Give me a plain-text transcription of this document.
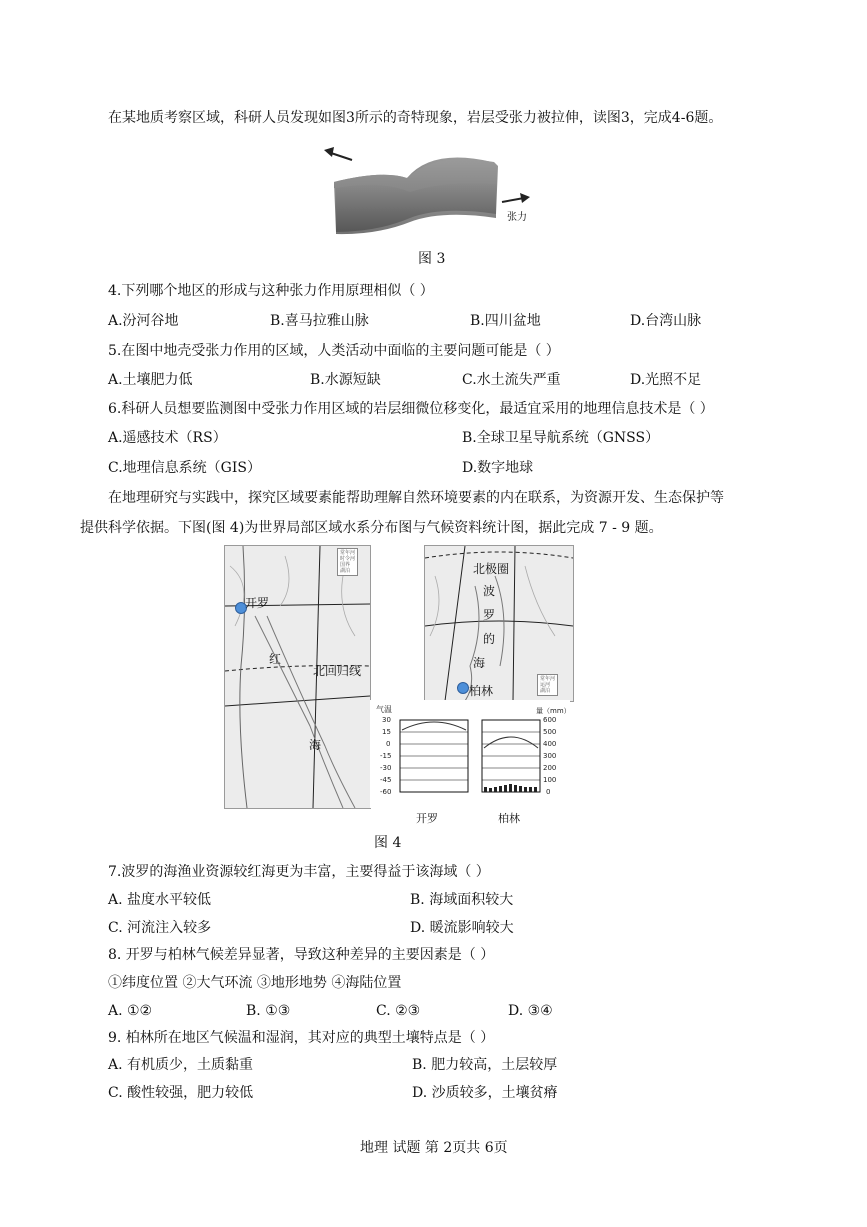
在某地质考察区域，科研人员发现如图3所示的奇特现象，岩层受张力被拉伸，读图3，完成4-6题。
张力
图 3
4.下列哪个地区的形成与这种张力作用原理相似（ ）
A.汾河谷地	B.喜马拉雅山脉	B.四川盆地	D.台湾山脉
5.在图中地壳受张力作用的区域，人类活动中面临的主要问题可能是（ ）
A.土壤肥力低	B.水源短缺	C.水土流失严重	D.光照不足
6.科研人员想要监测图中受张力作用区域的岩层细微位移变化，最适宜采用的地理信息技术是（ ）
A.遥感技术（RS）	B.全球卫星导航系统（GNSS）
C.地理信息系统（GIS）	D.数字地球
在地理研究与实践中，探究区域要素能帮助理解自然环境要素的内在联系，为资源开发、生态保护等
提供科学依据。下图(图 4)为世界局部区域水系分布图与气候资料统计图，据此完成 7 - 9 题。
常年河
时令河
国界
湖泊
开罗
红
北回归线
海
常年河
运河
湖泊
北极圈
波
罗
的
海
柏林
气温	量（mm）
30
15
0
-15
-30
-45
-60
600
500
400
300
200
100
0
开罗	柏林
图 4
7.波罗的海渔业资源较红海更为丰富，主要得益于该海域（ ）
A. 盐度水平较低	B. 海域面积较大
C. 河流注入较多	D. 暖流影响较大
8. 开罗与柏林气候差异显著，导致这种差异的主要因素是（ ）
①纬度位置 ②大气环流 ③地形地势 ④海陆位置
A. ①②	B. ①③	C. ②③	D. ③④
9. 柏林所在地区气候温和湿润，其对应的典型土壤特点是（ ）
A. 有机质少，土质黏重	B. 肥力较高，土层较厚
C. 酸性较强，肥力较低	D. 沙质较多，土壤贫瘠
地理 试题 第 2页共 6页
